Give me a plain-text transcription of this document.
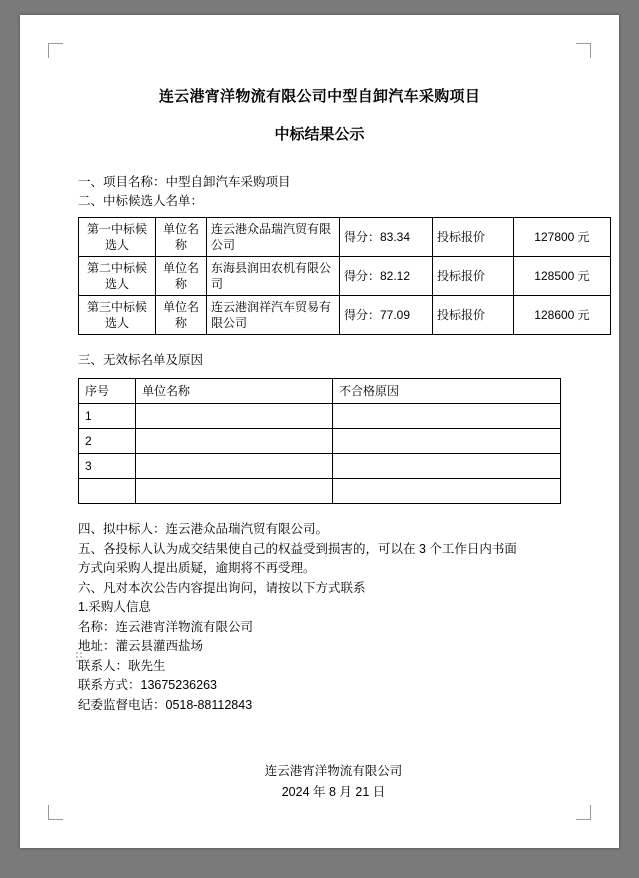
连云港宵洋物流有限公司中型自卸汽车采购项目
中标结果公示

一、项目名称：中型自卸汽车采购项目

二、中标候选人名单：

第一中标候选人	单位名称	连云港众品瑞汽贸有限公司	得分：83.34	投标报价	127800 元
第二中标候选人	单位名称	东海县润田农机有限公司	得分：82.12	投标报价	128500 元
第三中标候选人	单位名称	连云港润祥汽车贸易有限公司	得分：77.09	投标报价	128600 元

三、无效标名单及原因

序号	单位名称	不合格原因
1		
2		
3		

四、拟中标人：连云港众品瑞汽贸有限公司。

五、各投标人认为成交结果使自己的权益受到损害的，可以在 3 个工作日内书面

方式向采购人提出质疑，逾期将不再受理。

六、凡对本次公告内容提出询问，请按以下方式联系

1.采购人信息

名称：连云港宵洋物流有限公司

地址：灌云县灌西盐场

联系人：耿先生

联系方式：13675236263

纪委监督电话：0518-88112843

连云港宵洋物流有限公司
2024 年 8 月 21 日
